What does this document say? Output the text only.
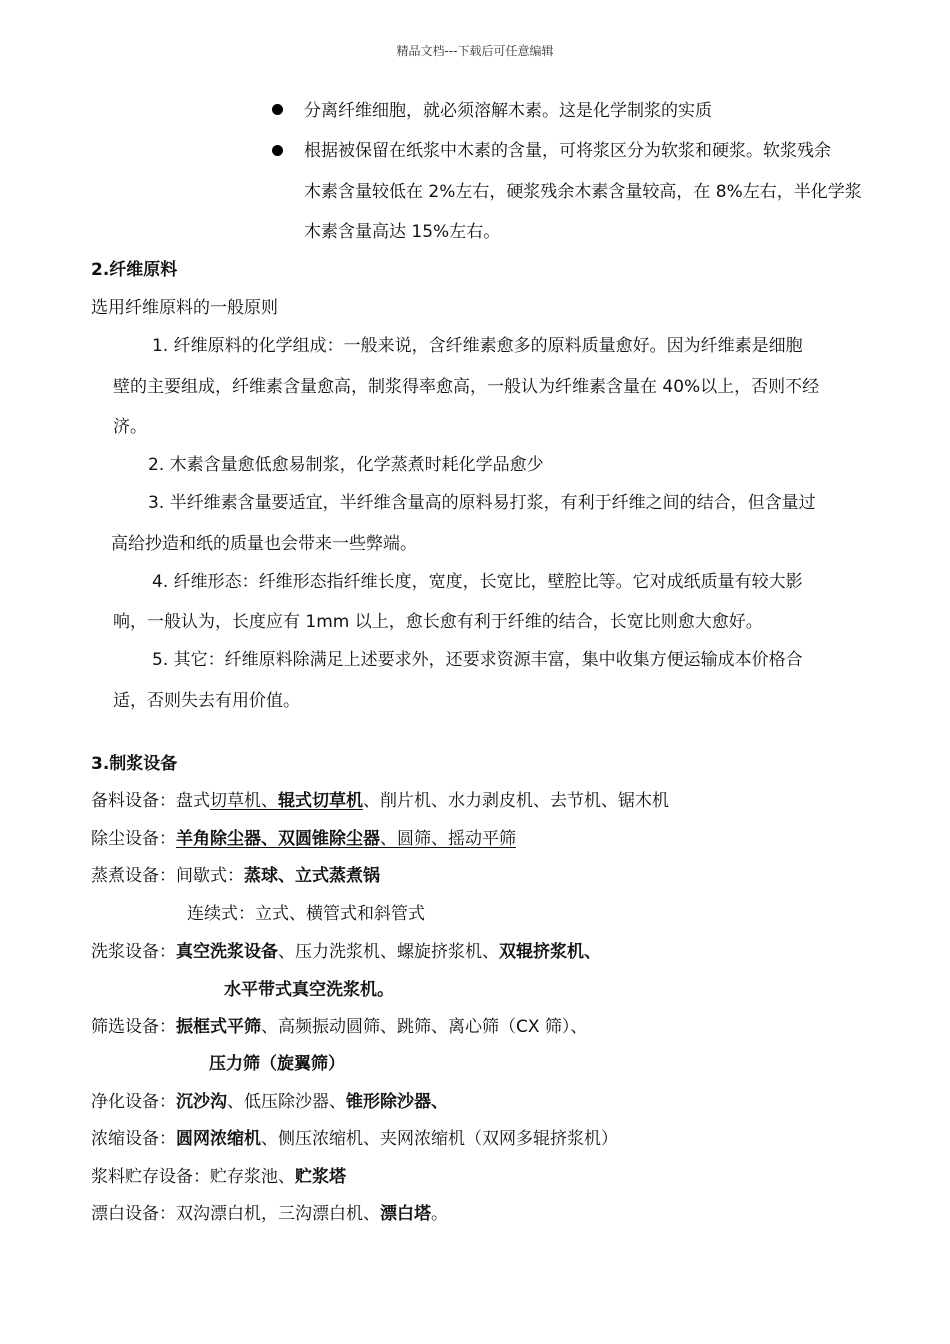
精品文档---下载后可任意编辑
分离纤维细胞，就必须溶解木素。这是化学制浆的实质
根据被保留在纸浆中木素的含量，可将浆区分为软浆和硬浆。软浆残余
木素含量较低在 2%左右，硬浆残余木素含量较高，在 8%左右，半化学浆
木素含量高达 15%左右。
2.纤维原料
选用纤维原料的一般原则
1. 纤维原料的化学组成：一般来说，含纤维素愈多的原料质量愈好。因为纤维素是细胞
壁的主要组成，纤维素含量愈高，制浆得率愈高，一般认为纤维素含量在 40%以上，否则不经
济。
2. 木素含量愈低愈易制浆，化学蒸煮时耗化学品愈少
3. 半纤维素含量要适宜，半纤维含量高的原料易打浆，有利于纤维之间的结合，但含量过
高给抄造和纸的质量也会带来一些弊端。
4. 纤维形态：纤维形态指纤维长度，宽度，长宽比，壁腔比等。它对成纸质量有较大影
响，一般认为，长度应有 1mm 以上，愈长愈有利于纤维的结合，长宽比则愈大愈好。
5. 其它：纤维原料除满足上述要求外，还要求资源丰富，集中收集方便运输成本价格合
适，否则失去有用价值。
3.制浆设备
备料设备：盘式切草机、辊式切草机、削片机、水力剥皮机、去节机、锯木机
除尘设备：羊角除尘器、双圆锥除尘器、圆筛、摇动平筛
蒸煮设备：间歇式：蒸球、立式蒸煮锅
连续式：立式、横管式和斜管式
洗浆设备：真空洗浆设备、压力洗浆机、螺旋挤浆机、双辊挤浆机、
水平带式真空洗浆机。
筛选设备：振框式平筛、高频振动圆筛、跳筛、离心筛（CX 筛）、
压力筛（旋翼筛）
净化设备：沉沙沟、低压除沙器、锥形除沙器、
浓缩设备：圆网浓缩机、侧压浓缩机、夹网浓缩机（双网多辊挤浆机）
浆料贮存设备：贮存浆池、贮浆塔
漂白设备：双沟漂白机，三沟漂白机、漂白塔。
